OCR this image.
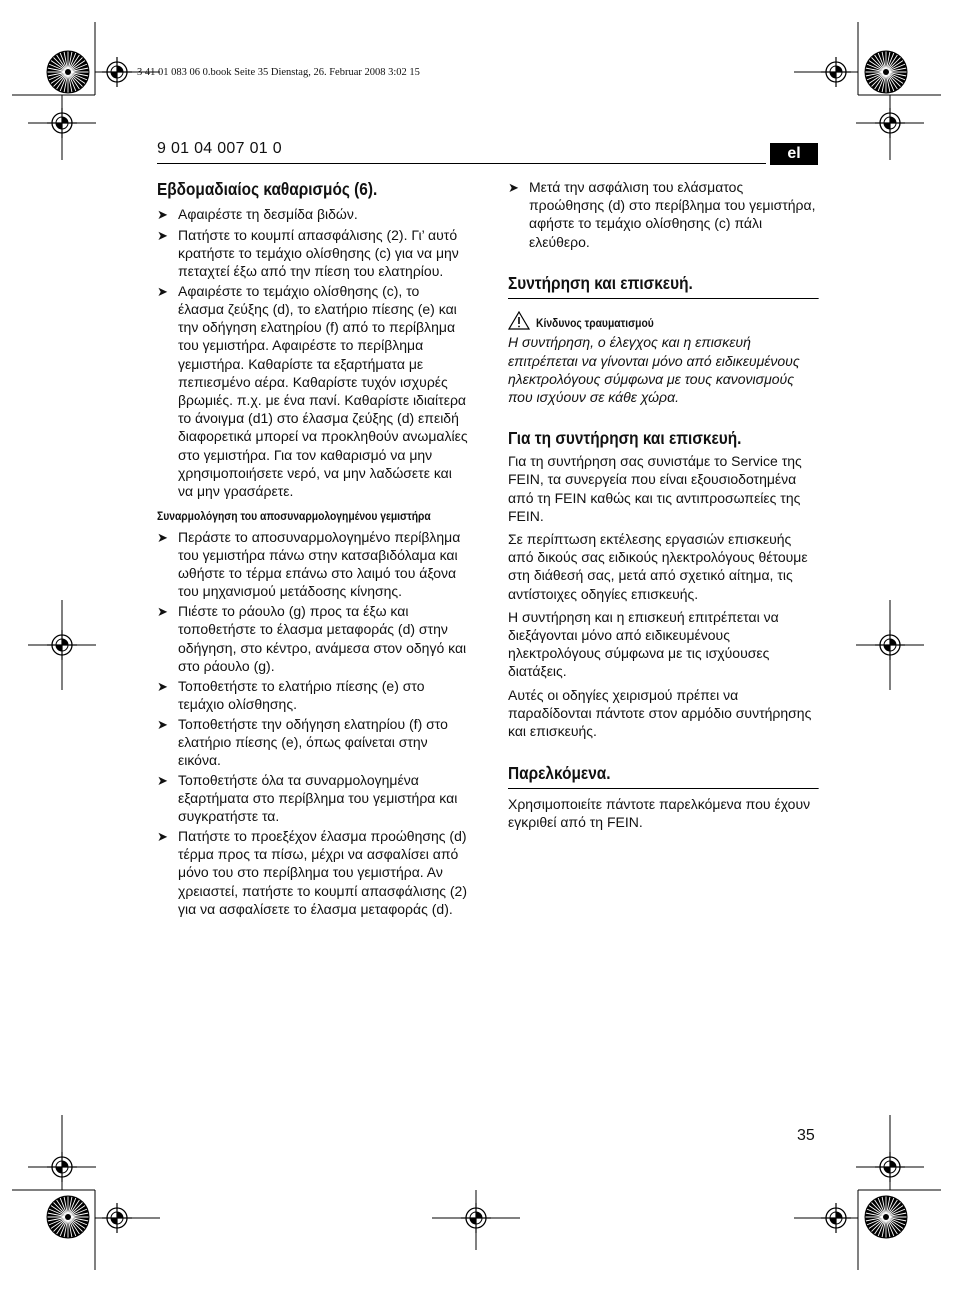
3 41 01 083 06 0.book Seite 35 Dienstag, 26. Februar 2008 3:02 15
9 01 04 007 01 0	el
Εβδομαδιαίος καθαρισμός (6).
➤ Αφαιρέστε τη δεσμίδα βιδών.
➤ Πατήστε το κουμπί απασφάλισης (2). Γι’ αυτό κρατήστε το τεμάχιο ολίσθησης (c) για να μην πεταχτεί έξω από την πίεση του ελατηρίου.
➤ Αφαιρέστε το τεμάχιο ολίσθησης (c), το έλασμα ζεύξης (d), το ελατήριο πίεσης (e) και την οδήγηση ελατηρίου (f) από το περίβλημα του γεμιστήρα. Αφαιρέστε το περίβλημα γεμιστήρα. Καθαρίστε τα εξαρτήματα με πεπιεσμένο αέρα. Καθαρίστε τυχόν ισχυρές βρωμιές. π.χ. με ένα πανί. Καθαρίστε ιδιαίτερα το άνοιγμα (d1) στο έλασμα ζεύξης (d) επειδή διαφορετικά μπορεί να προκληθούν ανωμαλίες στο γεμιστήρα. Για τον καθαρισμό να μην χρησιμοποιήσετε νερό, να μην λαδώσετε και να μην γρασάρετε.
Συναρμολόγηση του αποσυναρμολογημένου γεμιστήρα
➤ Περάστε το αποσυναρμολογημένο περίβλημα του γεμιστήρα πάνω στην κατσαβιδόλαμα και ωθήστε το τέρμα επάνω στο λαιμό του άξονα του μηχανισμού μετάδοσης κίνησης.
➤ Πιέστε το ράουλο (g) προς τα έξω και τοποθετήστε το έλασμα μεταφοράς (d) στην οδήγηση, στο κέντρο, ανάμεσα στον οδηγό και στο ράουλο (g).
➤ Τοποθετήστε το ελατήριο πίεσης (e) στο τεμάχιο ολίσθησης.
➤ Τοποθετήστε την οδήγηση ελατηρίου (f) στο ελατήριο πίεσης (e), όπως φαίνεται στην εικόνα.
➤ Τοποθετήστε όλα τα συναρμολογημένα εξαρτήματα στο περίβλημα του γεμιστήρα και συγκρατήστε τα.
➤ Πατήστε το προεξέχον έλασμα προώθησης (d) τέρμα προς τα πίσω, μέχρι να ασφαλίσει από μόνο του στο περίβλημα του γεμιστήρα. Αν χρειαστεί, πατήστε το κουμπί απασφάλισης (2) για να ασφαλίσετε το έλασμα μεταφοράς (d).
➤ Μετά την ασφάλιση του ελάσματος προώθησης (d) στο περίβλημα του γεμιστήρα, αφήστε το τεμάχιο ολίσθησης (c) πάλι ελεύθερο.
Συντήρηση και επισκευή.
Κίνδυνος τραυματισμού

Η συντήρηση, ο έλεγχος και η επισκευή επιτρέπεται να γίνονται μόνο από ειδικευμένους ηλεκτρολόγους σύμφωνα με τους κανονισμούς που ισχύουν σε κάθε χώρα.

Για τη συντήρηση και επισκευή.

Για τη συντήρηση σας συνιστάμε το Service της FEIN, τα συνεργεία που είναι εξουσιοδοτημένα από τη FEIN καθώς και τις αντιπροσωπείες της FEIN.

Σε περίπτωση εκτέλεσης εργασιών επισκευής από δικούς σας ειδικούς ηλεκτρολόγους θέτουμε στη διάθεσή σας, μετά από σχετικό αίτημα, τις αντίστοιχες οδηγίες επισκευής.

Η συντήρηση και η επισκευή επιτρέπεται να διεξάγονται μόνο από ειδικευμένους ηλεκτρολόγους σύμφωνα με τις ισχύουσες διατάξεις.

Αυτές οι οδηγίες χειρισμού πρέπει να παραδίδονται πάντοτε στον αρμόδιο συντήρησης και επισκευής.

Παρελκόμενα.

Χρησιμοποιείτε πάντοτε παρελκόμενα που έχουν εγκριθεί από τη FEIN.

35
